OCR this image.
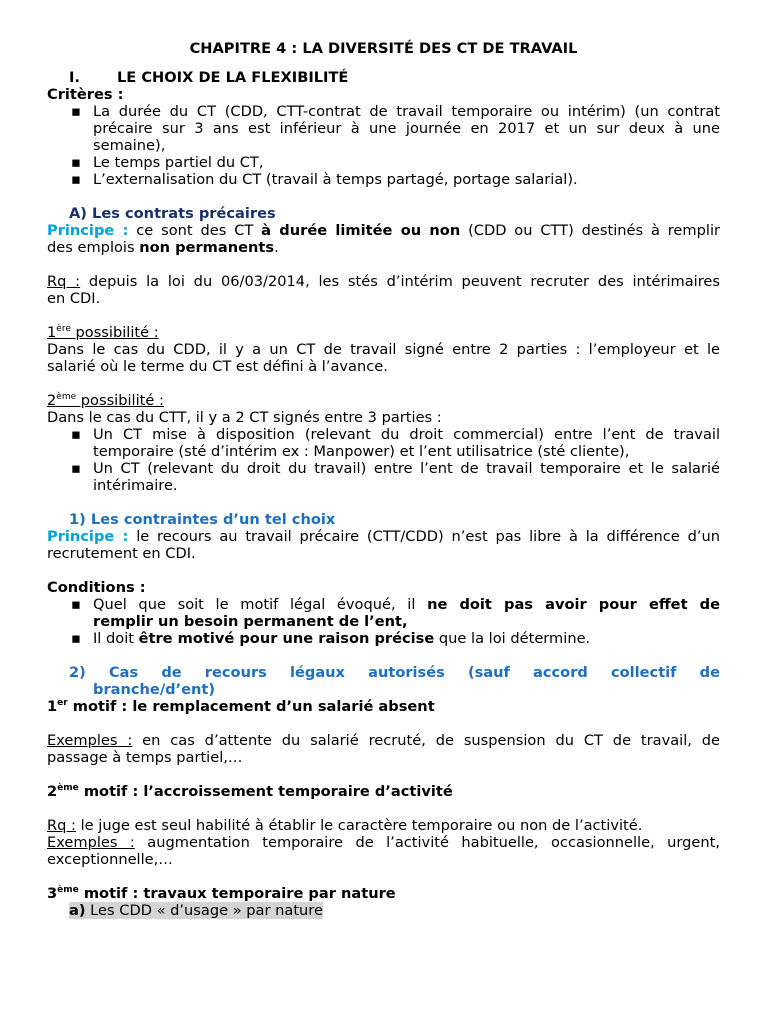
CHAPITRE 4 : LA DIVERSITÉ DES CT DE TRAVAIL
I.	LE CHOIX DE LA FLEXIBILITÉ
Critères :
▪ La durée du CT (CDD, CTT-contrat de travail temporaire ou intérim) (un contrat
précaire sur 3 ans est inférieur à une journée en 2017 et un sur deux à une
semaine),
▪ Le temps partiel du CT,
▪ L’externalisation du CT (travail à temps partagé, portage salarial).
A) Les contrats précaires
Principe : ce sont des CT à durée limitée ou non (CDD ou CTT) destinés à remplir
des emplois non permanents.
Rq : depuis la loi du 06/03/2014, les stés d’intérim peuvent recruter des intérimaires
en CDI.
1ère possibilité :
Dans le cas du CDD, il y a un CT de travail signé entre 2 parties : l’employeur et le
salarié où le terme du CT est défini à l’avance.
2ème possibilité :
Dans le cas du CTT, il y a 2 CT signés entre 3 parties :
▪ Un CT mise à disposition (relevant du droit commercial) entre l’ent de travail
temporaire (sté d’intérim ex : Manpower) et l’ent utilisatrice (sté cliente),
▪ Un CT (relevant du droit du travail) entre l’ent de travail temporaire et le salarié
intérimaire.
1) Les contraintes d’un tel choix
Principe : le recours au travail précaire (CTT/CDD) n’est pas libre à la différence d’un
recrutement en CDI.
Conditions :
▪ Quel que soit le motif légal évoqué, il ne doit pas avoir pour effet de
remplir un besoin permanent de l’ent,
▪ Il doit être motivé pour une raison précise que la loi détermine.
2) Cas de recours légaux autorisés (sauf accord collectif de
branche/d’ent)
1er motif : le remplacement d’un salarié absent
Exemples : en cas d’attente du salarié recruté, de suspension du CT de travail, de
passage à temps partiel,…
2ème motif : l’accroissement temporaire d’activité
Rq : le juge est seul habilité à établir le caractère temporaire ou non de l’activité.
Exemples : augmentation temporaire de l’activité habituelle, occasionnelle, urgent,
exceptionnelle,…
3ème motif : travaux temporaire par nature
a) Les CDD « d’usage » par nature
